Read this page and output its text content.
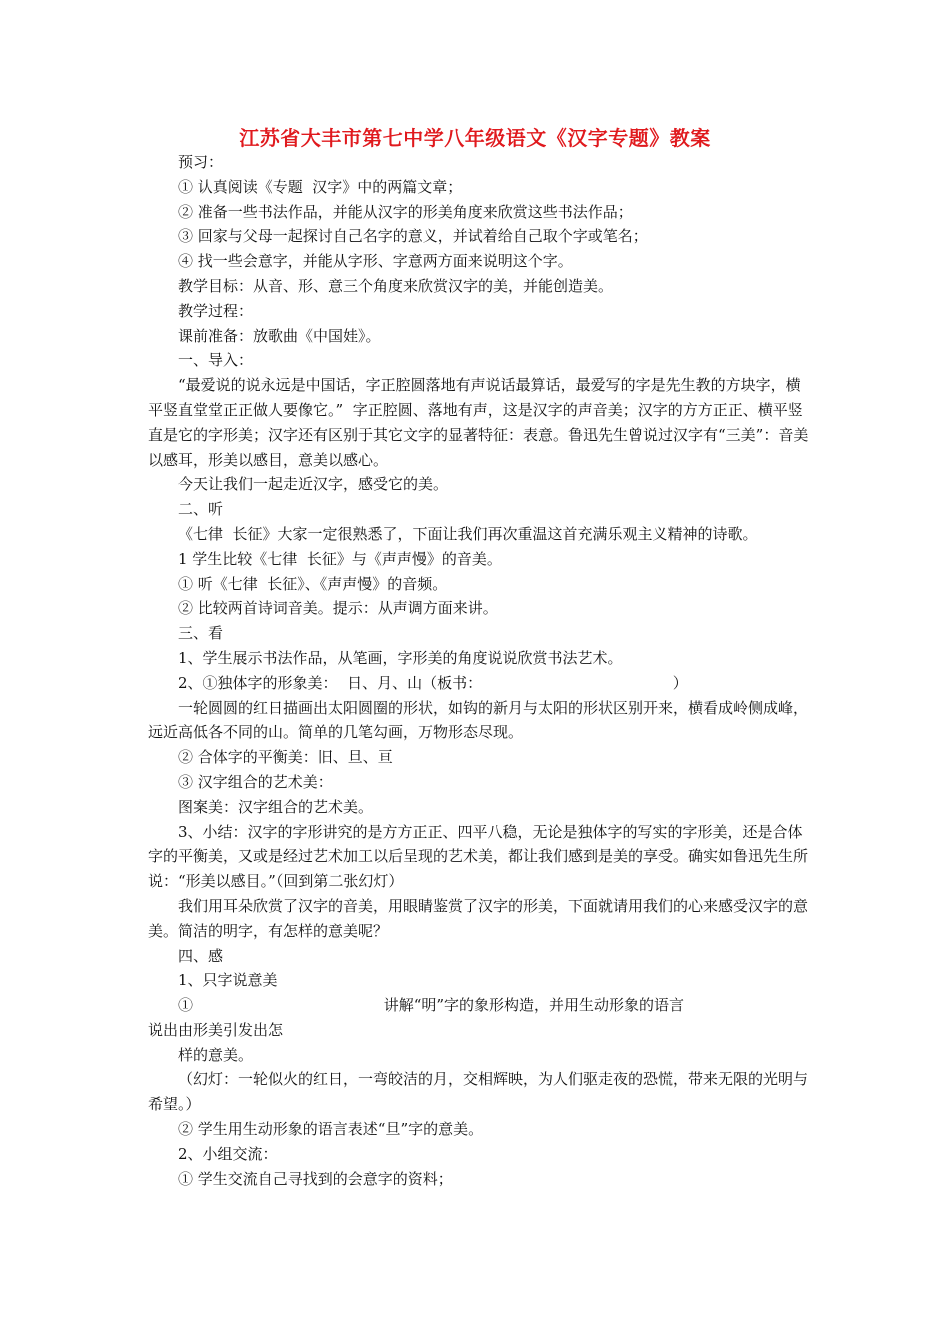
江苏省大丰市第七中学八年级语文《汉字专题》教案

预习：

① 认真阅读《专题  汉字》中的两篇文章；

② 准备一些书法作品，并能从汉字的形美角度来欣赏这些书法作品；

③ 回家与父母一起探讨自己名字的意义，并试着给自己取个字或笔名；

④ 找一些会意字，并能从字形、字意两方面来说明这个字。

教学目标：从音、形、意三个角度来欣赏汉字的美，并能创造美。

教学过程：

课前准备：放歌曲《中国娃》。

一、导入：

“最爱说的说永远是中国话，字正腔圆落地有声说话最算话，最爱写的字是先生教的方块字，横平竖直堂堂正正做人要像它。”  字正腔圆、落地有声，这是汉字的声音美；汉字的方方正正、横平竖直是它的字形美；汉字还有区别于其它文字的显著特征：表意。鲁迅先生曾说过汉字有“三美”：音美以感耳，形美以感目，意美以感心。

今天让我们一起走近汉字，感受它的美。

二、听

《七律  长征》大家一定很熟悉了，下面让我们再次重温这首充满乐观主义精神的诗歌。

1 学生比较《七律  长征》与《声声慢》的音美。

① 听《七律  长征》、《声声慢》的音频。

② 比较两首诗词音美。提示：从声调方面来讲。

三、看

1、学生展示书法作品，从笔画，字形美的角度说说欣赏书法艺术。

2、①独体字的形象美：  日、月、山（板书：                                        ）

一轮圆圆的红日描画出太阳圆圈的形状，如钩的新月与太阳的形状区别开来，横看成岭侧成峰，远近高低各不同的山。简单的几笔勾画，万物形态尽现。

② 合体字的平衡美：旧、旦、亘

③ 汉字组合的艺术美：

图案美：汉字组合的艺术美。

3、小结：汉字的字形讲究的是方方正正、四平八稳，无论是独体字的写实的字形美，还是合体字的平衡美，又或是经过艺术加工以后呈现的艺术美，都让我们感到是美的享受。确实如鲁迅先生所说：“形美以感目。”（回到第二张幻灯）

我们用耳朵欣赏了汉字的音美，用眼睛鉴赏了汉字的形美，下面就请用我们的心来感受汉字的意美。简洁的明字，有怎样的意美呢？

四、感

1、只字说意美

①                                        讲解“明”字的象形构造，并用生动形象的语言

说出由形美引发出怎

样的意美。

（幻灯：一轮似火的红日，一弯皎洁的月，交相辉映，为人们驱走夜的恐慌，带来无限的光明与希望。）

② 学生用生动形象的语言表述“旦”字的意美。

2、小组交流：

① 学生交流自己寻找到的会意字的资料；
